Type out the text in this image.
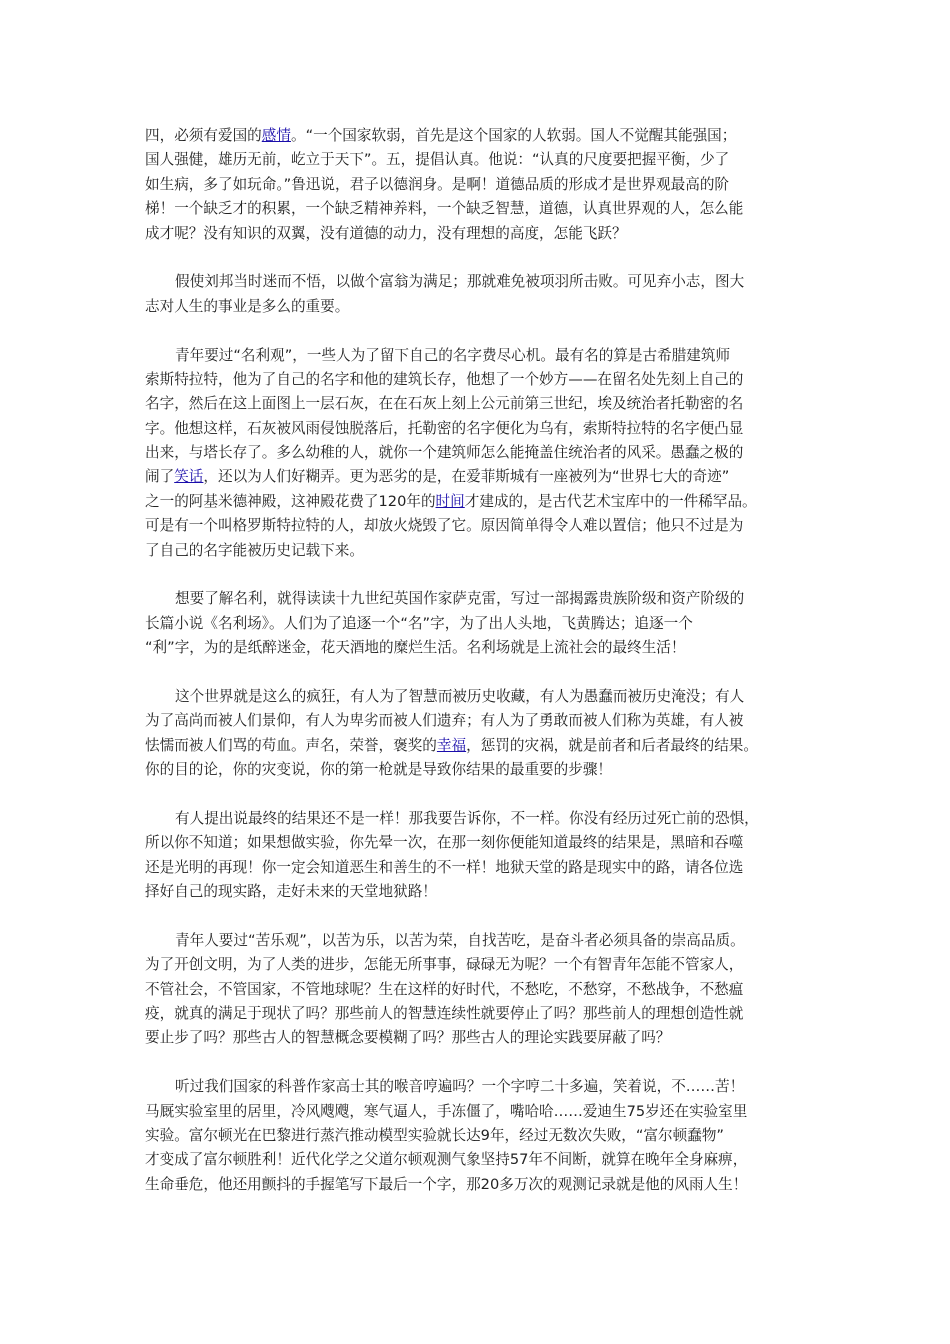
四，必须有爱国的感情。“一个国家软弱，首先是这个国家的人软弱。国人不觉醒其能强国；
国人强健，雄历无前，屹立于天下”。五，提倡认真。他说：“认真的尺度要把握平衡，少了
如生病，多了如玩命。”鲁迅说，君子以德润身。是啊！道德品质的形成才是世界观最高的阶
梯！一个缺乏才的积累，一个缺乏精神养料，一个缺乏智慧，道德，认真世界观的人，怎么能
成才呢？没有知识的双翼，没有道德的动力，没有理想的高度，怎能飞跃？
假使刘邦当时迷而不悟，以做个富翁为满足；那就难免被项羽所击败。可见弃小志，图大
志对人生的事业是多么的重要。
青年要过“名利观”，一些人为了留下自己的名字费尽心机。最有名的算是古希腊建筑师
索斯特拉特，他为了自己的名字和他的建筑长存，他想了一个妙方——在留名处先刻上自己的
名字，然后在这上面图上一层石灰，在在石灰上刻上公元前第三世纪，埃及统治者托勒密的名
字。他想这样，石灰被风雨侵蚀脱落后，托勒密的名字便化为乌有，索斯特拉特的名字便凸显
出来，与塔长存了。多么幼稚的人，就你一个建筑师怎么能掩盖住统治者的风采。愚蠢之极的
闹了笑话，还以为人们好糊弄。更为恶劣的是，在爱菲斯城有一座被列为“世界七大的奇迹”
之一的阿基米德神殿，这神殿花费了120年的时间才建成的，是古代艺术宝库中的一件稀罕品。
可是有一个叫格罗斯特拉特的人，却放火烧毁了它。原因简单得令人难以置信；他只不过是为
了自己的名字能被历史记载下来。
想要了解名利，就得读读十九世纪英国作家萨克雷，写过一部揭露贵族阶级和资产阶级的
长篇小说《名利场》。人们为了追逐一个“名”字，为了出人头地，飞黄腾达；追逐一个
“利”字，为的是纸醉迷金，花天酒地的糜烂生活。名利场就是上流社会的最终生活！
这个世界就是这么的疯狂，有人为了智慧而被历史收藏，有人为愚蠢而被历史淹没；有人
为了高尚而被人们景仰，有人为卑劣而被人们遗弃；有人为了勇敢而被人们称为英雄，有人被
怯懦而被人们骂的苟血。声名，荣誉，褒奖的幸福，惩罚的灾祸，就是前者和后者最终的结果。
你的目的论，你的灾变说，你的第一枪就是导致你结果的最重要的步骤！
有人提出说最终的结果还不是一样！那我要告诉你，不一样。你没有经历过死亡前的恐惧，
所以你不知道；如果想做实验，你先晕一次，在那一刻你便能知道最终的结果是，黑暗和吞噬
还是光明的再现！你一定会知道恶生和善生的不一样！地狱天堂的路是现实中的路，请各位选
择好自己的现实路，走好未来的天堂地狱路！
青年人要过“苦乐观”，以苦为乐，以苦为荣，自找苦吃，是奋斗者必须具备的崇高品质。
为了开创文明，为了人类的进步，怎能无所事事，碌碌无为呢？一个有智青年怎能不管家人，
不管社会，不管国家，不管地球呢？生在这样的好时代，不愁吃，不愁穿，不愁战争，不愁瘟
疫，就真的满足于现状了吗？那些前人的智慧连续性就要停止了吗？那些前人的理想创造性就
要止步了吗？那些古人的智慧概念要模糊了吗？那些古人的理论实践要屏蔽了吗？
听过我们国家的科普作家高士其的喉音哼遍吗？一个字哼二十多遍，笑着说，不……苦！
马厩实验室里的居里，冷风飕飕，寒气逼人，手冻僵了，嘴哈哈……爱迪生75岁还在实验室里
实验。富尔顿光在巴黎进行蒸汽推动模型实验就长达9年，经过无数次失败，“富尔顿蠢物”
才变成了富尔顿胜利！近代化学之父道尔顿观测气象坚持57年不间断，就算在晚年全身麻痹，
生命垂危，他还用颤抖的手握笔写下最后一个字，那20多万次的观测记录就是他的风雨人生！
